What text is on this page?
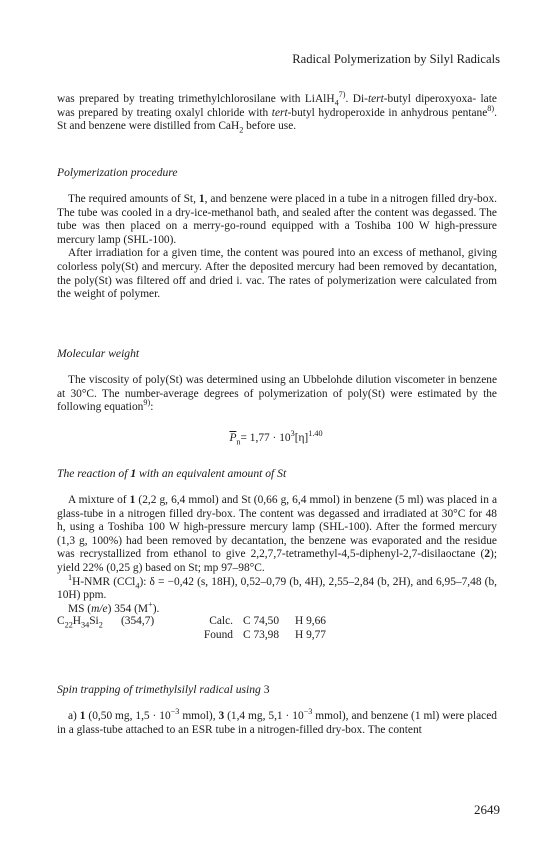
Radical Polymerization by Silyl Radicals

was prepared by treating trimethylchlorosilane with LiAlH$_4^{7)}$. Di-tert-butyl diperoxyoxa- late was prepared by treating oxalyl chloride with tert-butyl hydroperoxide in anhydrous pentane$^{8)}$. St and benzene were distilled from CaH$_2$ before use.

Polymerization procedure

The required amounts of St, 1, and benzene were placed in a tube in a nitrogen filled dry-box. The tube was cooled in a dry-ice-methanol bath, and sealed after the content was degassed. The tube was then placed on a merry-go-round equipped with a Toshiba 100 W high-pressure mercury lamp (SHL-100).

After irradiation for a given time, the content was poured into an excess of methanol, giving colorless poly(St) and mercury. After the deposited mercury had been removed by decantation, the poly(St) was filtered off and dried i. vac. The rates of polymerization were calculated from the weight of polymer.

Molecular weight

The viscosity of poly(St) was determined using an Ubbelohde dilution viscometer in benzene at 30°C. The number-average degrees of polymerization of poly(St) were estimated by the following equation$^{9)}$:

$\overline{P}_n= 1,77 \cdot 10^3[\eta]^{1.40}$
The reaction of 1 with an equivalent amount of St

A mixture of 1 (2,2 g, 6,4 mmol) and St (0,66 g, 6,4 mmol) in benzene (5 ml) was placed in a glass-tube in a nitrogen filled dry-box. The content was degassed and irradiated at 30°C for 48 h, using a Toshiba 100 W high-pressure mercury lamp (SHL-100). After the formed mercury (1,3 g, 100%) had been removed by decantation, the benzene was evaporated and the residue was recrystallized from ethanol to give 2,2,7,7-tetramethyl-4,5-diphenyl-2,7-disilaoctane (2); yield 22% (0,25 g) based on St; mp 97–98°C.

$^1$H-NMR (CCl$_4$): δ = −0,42 (s, 18H), 0,52–0,79 (b, 4H), 2,55–2,84 (b, 2H), and 6,95–7,48 (b, 10H) ppm.

MS (m/e) 354 (M+).

$C_{22}H_{34}Si_2$	(354,7)	Calc. C 74,50	H 9,66
Found C 73,98	H 9,77
Spin trapping of trimethylsilyl radical using 3

a) 1 (0,50 mg, $1,5 \cdot 10^{-3}$ mmol), 3 (1,4 mg, $5,1 \cdot 10^{-3}$ mmol), and benzene (1 ml) were placed in a glass-tube attached to an ESR tube in a nitrogen-filled dry-box. The content

2649
